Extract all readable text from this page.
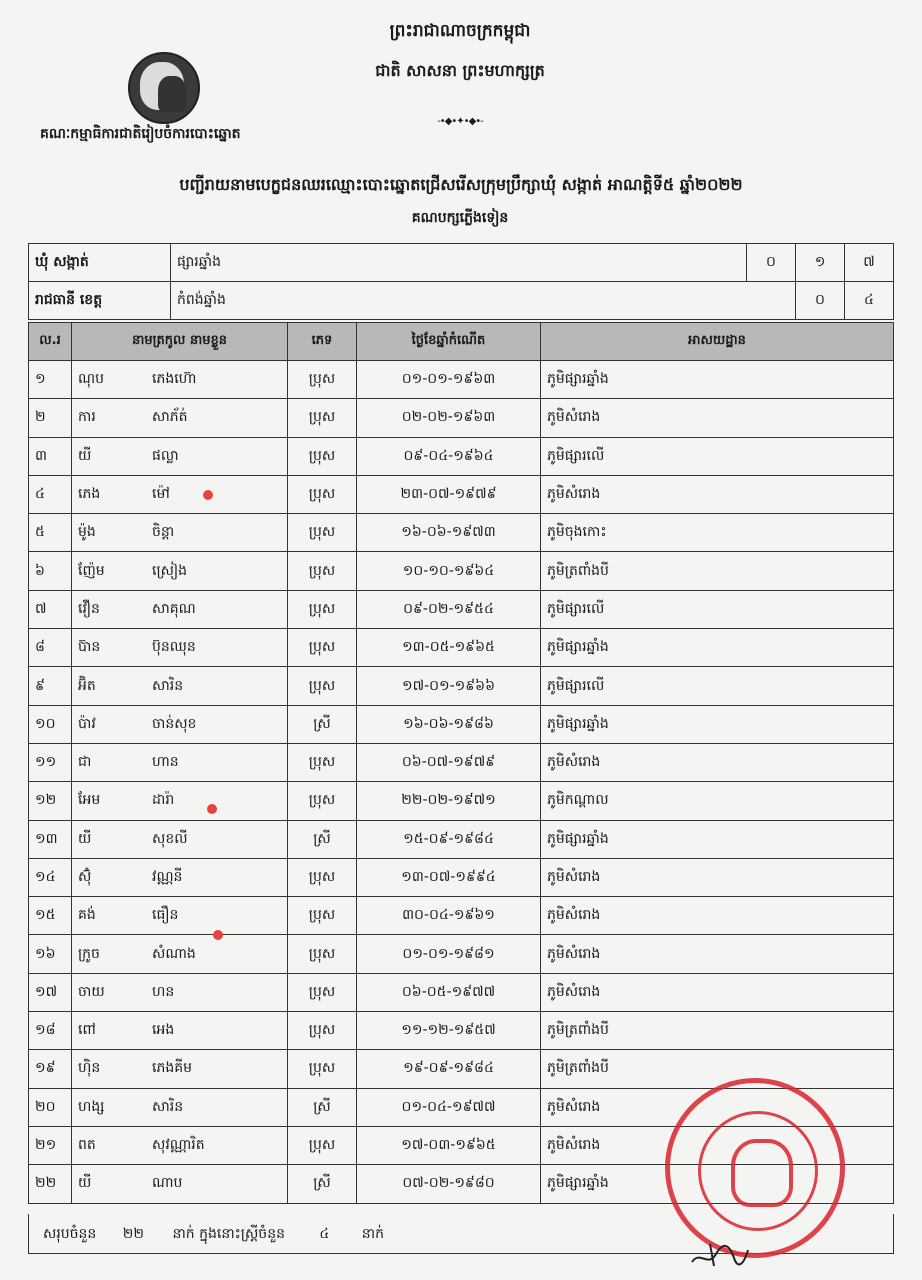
ព្រះរាជាណាចក្រកម្ពុជា
ជាតិ សាសនា ព្រះមហាក្សត្រ
-•◆•✦•◆•-
គណៈកម្មាធិការជាតិរៀបចំការបោះឆ្នោត
បញ្ជីរាយនាមបេក្ខជនឈរឈ្មោះបោះឆ្នោតជ្រើសរើសក្រុមប្រឹក្សាឃុំ សង្កាត់ អាណត្តិទី៥ ឆ្នាំ២០២២
គណបក្សភ្លើងទៀន
ឃុំ សង្កាត់	ផ្សារឆ្នាំង	០	១	៧
រាជធានី ខេត្ត	កំពង់ឆ្នាំង		០	៤
ល.រ	នាមត្រកូល នាមខ្លួន		ភេទ	ថ្ងៃខែឆ្នាំកំណើត	អាសយដ្ឋាន
១	ណុប	ភេងហ៊ោ	ប្រុស	០១-០១-១៩៦៣	ភូមិផ្សារឆ្នាំង
២	ការ	សាភ័ត់	ប្រុស	០២-០២-១៩៦៣	ភូមិសំរោង
៣	យី	ផល្លា	ប្រុស	០៩-០៤-១៩៦៤	ភូមិផ្សារលើ
៤	ភេង	ម៉ៅ	ប្រុស	២៣-០៧-១៩៧៩	ភូមិសំរោង
៥	ម៉ូង	ចិន្តា	ប្រុស	១៦-០៦-១៩៧៣	ភូមិចុងកោះ
៦	ញ៉ែម	ស្រៀង	ប្រុស	១០-១០-១៩៦៤	ភូមិត្រពាំងបី
៧	វឿន	សាគុណ	ប្រុស	០៩-០២-១៩៥៤	ភូមិផ្សារលើ
៨	ប៊ាន	ប៊ុនឈុន	ប្រុស	១៣-០៥-១៩៦៥	ភូមិផ្សារឆ្នាំង
៩	អ៊ិត	សារិន	ប្រុស	១៧-០១-១៩៦៦	ភូមិផ្សារលើ
១០	ប៉ាវ	ចាន់សុខ	ស្រី	១៦-០៦-១៩៨៦	ភូមិផ្សារឆ្នាំង
១១	ជា	ហាន	ប្រុស	០៦-០៧-១៩៧៩	ភូមិសំរោង
១២	អែម	ដារ៉ា	ប្រុស	២២-០២-១៩៧១	ភូមិកណ្ដាល
១៣	យី	សុខលី	ស្រី	១៥-០៩-១៩៨៤	ភូមិផ្សារឆ្នាំង
១៤	ស៊ុំ	វណ្ណនី	ប្រុស	១៣-០៧-១៩៩៤	ភូមិសំរោង
១៥	គង់	ធឿន	ប្រុស	៣០-០៤-១៩៦១	ភូមិសំរោង
១៦	ក្រូច	សំណាង	ប្រុស	០១-០១-១៩៨១	ភូមិសំរោង
១៧	ចាយ	ហន	ប្រុស	០៦-០៥-១៩៧៧	ភូមិសំរោង
១៨	ពៅ	អេង	ប្រុស	១១-១២-១៩៥៧	ភូមិត្រពាំងបី
១៩	ហ៊ិន	ភេងគីម	ប្រុស	១៩-០៩-១៩៨៤	ភូមិត្រពាំងបី
២០	ហង្ស	សារិន	ស្រី	០១-០៤-១៩៧៧	ភូមិសំរោង
២១	ពត	សុវណ្ណារិត	ប្រុស	១៧-០៣-១៩៦៥	ភូមិសំរោង
២២	យី	ណាប	ស្រី	០៧-០២-១៩៨០	ភូមិផ្សារឆ្នាំង
សរុបចំនួន ២២ នាក់ ក្នុងនោះស្ត្រីចំនួន ៤ នាក់
